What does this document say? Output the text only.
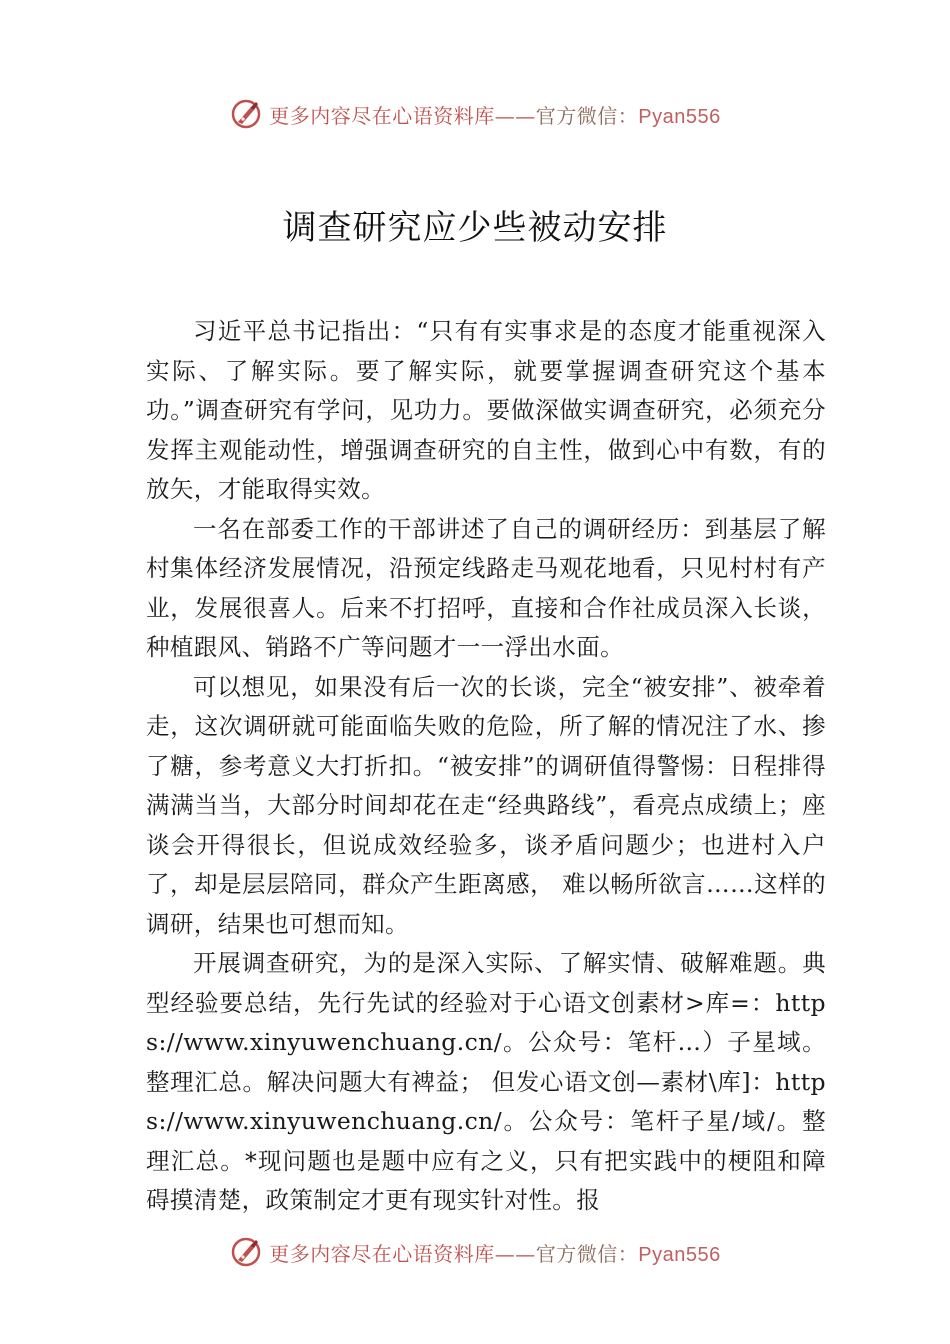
更多内容尽在心语资料库——官方微信：Pyan556
调查研究应少些被动安排

习近平总书记指出：“只有有实事求是的态度才能重视深入实际、了解实际。要了解实际，就要掌握调查研究这个基本功。”调查研究有学问，见功力。要做深做实调查研究，必须充分发挥主观能动性，增强调查研究的自主性，做到心中有数，有的放矢，才能取得实效。

一名在部委工作的干部讲述了自己的调研经历：到基层了解村集体经济发展情况，沿预定线路走马观花地看，只见村村有产业，发展很喜人。后来不打招呼，直接和合作社成员深入长谈，种植跟风、销路不广等问题才一一浮出水面。

可以想见，如果没有后一次的长谈，完全“被安排”、被牵着走，这次调研就可能面临失败的危险，所了解的情况注了水、掺了糖，参考意义大打折扣。“被安排”的调研值得警惕：日程排得满满当当，大部分时间却花在走“经典路线”，看亮点成绩上；座谈会开得很长，但说成效经验多，谈矛盾问题少；也进村入户了，却是层层陪同，群众产生距离感， 难以畅所欲言……这样的调研，结果也可想而知。

开展调查研究，为的是深入实际、了解实情、破解难题。典型经验要总结，先行先试的经验对于心语文创素材>库=：https://www.xinyuwenchuang.cn/。公众号：笔杆…）子星域。整理汇总。解决问题大有裨益； 但发心语文创—素材\库]：https://www.xinyuwenchuang.cn/。公众号：笔杆子星/域/。整理汇总。*现问题也是题中应有之义，只有把实践中的梗阻和障碍摸清楚，政策制定才更有现实针对性。报

更多内容尽在心语资料库——官方微信：Pyan556
